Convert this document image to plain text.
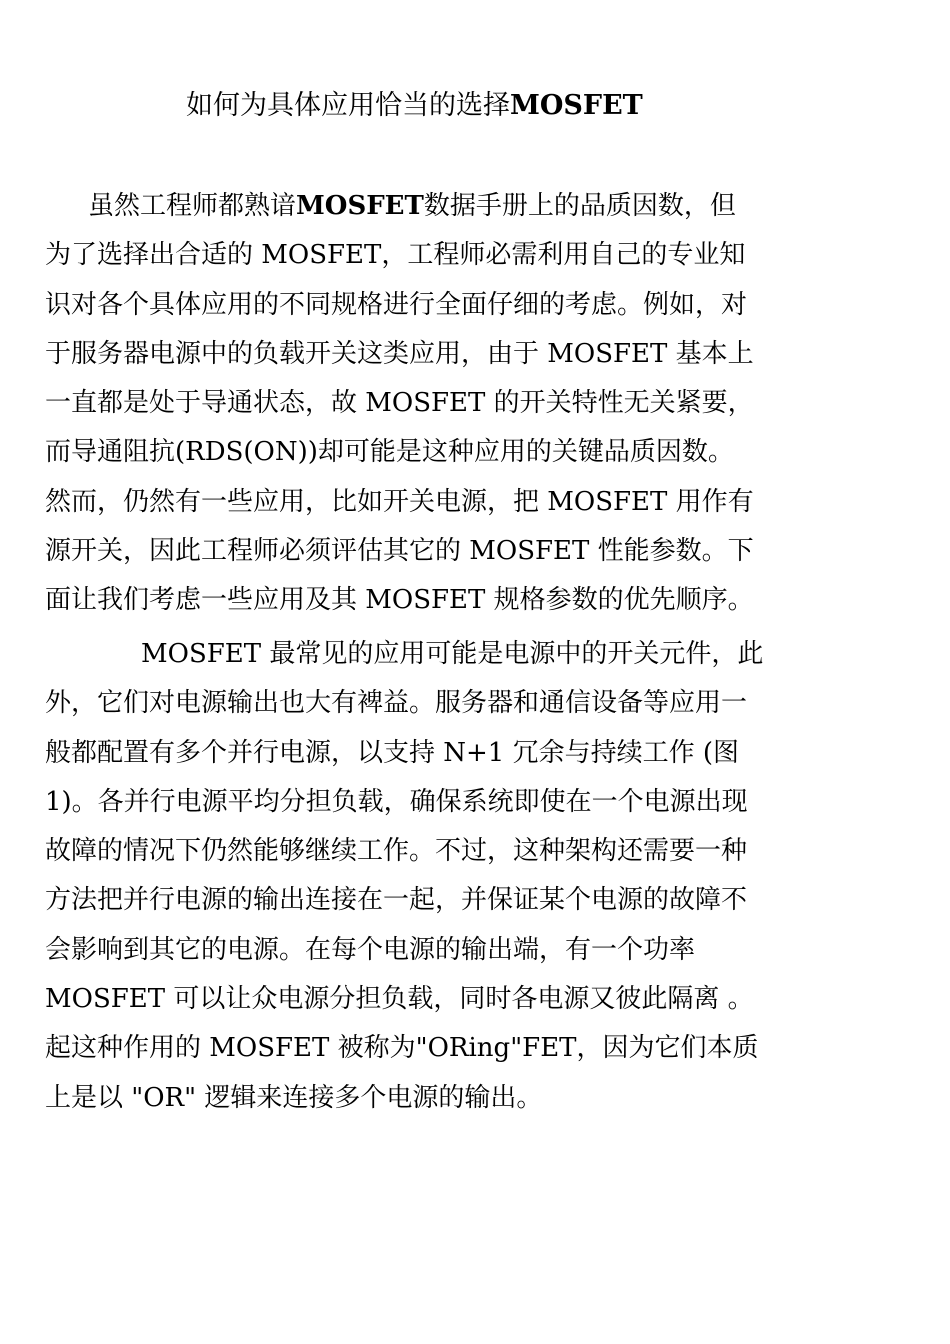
如何为具体应用恰当的选择MOSFET
虽然工程师都熟谙MOSFET数据手册上的品质因数，但
为了选择出合适的 MOSFET，工程师必需利用自己的专业知
识对各个具体应用的不同规格进行全面仔细的考虑。例如，对
于服务器电源中的负载开关这类应用，由于 MOSFET 基本上
一直都是处于导通状态，故 MOSFET 的开关特性无关紧要，
而导通阻抗(RDS(ON))却可能是这种应用的关键品质因数。
然而，仍然有一些应用，比如开关电源，把 MOSFET 用作有
源开关，因此工程师必须评估其它的 MOSFET 性能参数。下
面让我们考虑一些应用及其 MOSFET 规格参数的优先顺序。
MOSFET 最常见的应用可能是电源中的开关元件，此
外，它们对电源输出也大有裨益。服务器和通信设备等应用一
般都配置有多个并行电源，以支持 N+1 冗余与持续工作 (图
1)。各并行电源平均分担负载，确保系统即使在一个电源出现
故障的情况下仍然能够继续工作。不过，这种架构还需要一种
方法把并行电源的输出连接在一起，并保证某个电源的故障不
会影响到其它的电源。在每个电源的输出端，有一个功率
MOSFET 可以让众电源分担负载，同时各电源又彼此隔离 。
起这种作用的 MOSFET 被称为"ORing"FET，因为它们本质
上是以 "OR" 逻辑来连接多个电源的输出。
